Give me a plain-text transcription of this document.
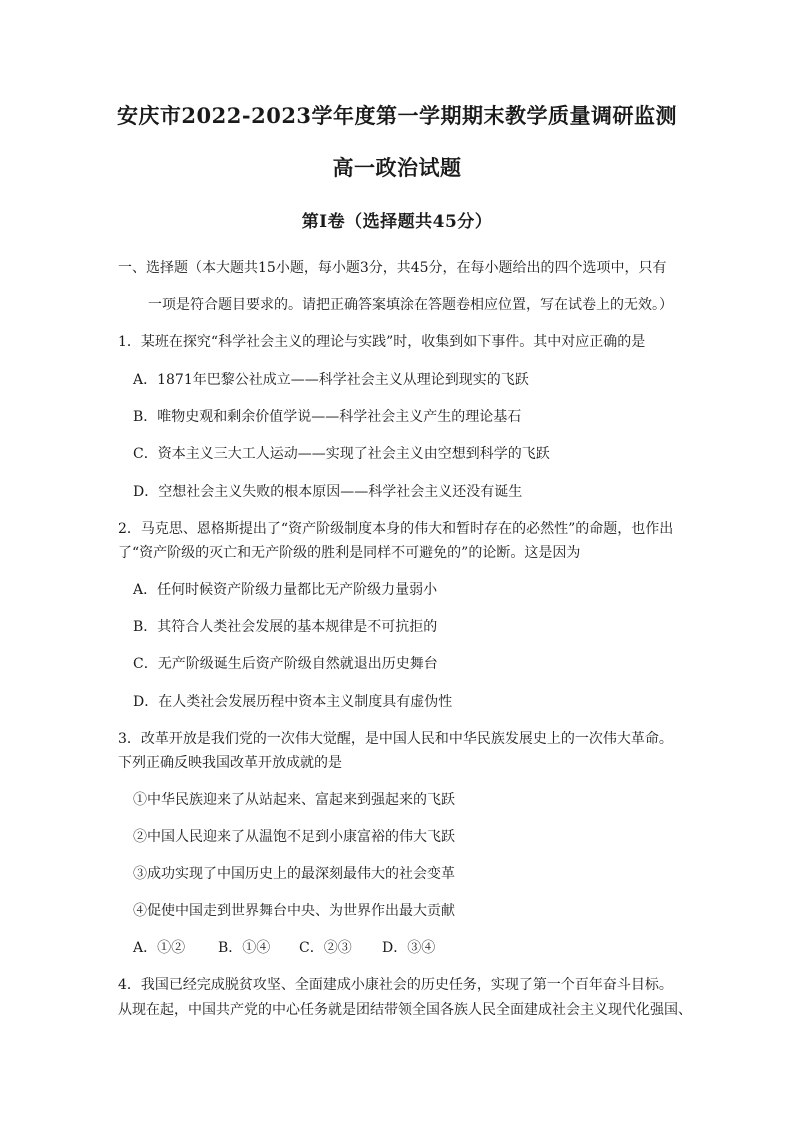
安庆市2022-2023学年度第一学期期末教学质量调研监测
高一政治试题
第Ⅰ卷（选择题共45分）
一、选择题（本大题共15小题，每小题3分，共45分，在每小题给出的四个选项中，只有
一项是符合题目要求的。请把正确答案填涂在答题卷相应位置，写在试卷上的无效。）
1．某班在探究“科学社会主义的理论与实践”时，收集到如下事件。其中对应正确的是
A．1871年巴黎公社成立——科学社会主义从理论到现实的飞跃
B．唯物史观和剩余价值学说——科学社会主义产生的理论基石
C．资本主义三大工人运动——实现了社会主义由空想到科学的飞跃
D．空想社会主义失败的根本原因——科学社会主义还没有诞生
2．马克思、恩格斯提出了“资产阶级制度本身的伟大和暂时存在的必然性”的命题，也作出
了“资产阶级的灭亡和无产阶级的胜利是同样不可避免的”的论断。这是因为
A．任何时候资产阶级力量都比无产阶级力量弱小
B．其符合人类社会发展的基本规律是不可抗拒的
C．无产阶级诞生后资产阶级自然就退出历史舞台
D．在人类社会发展历程中资本主义制度具有虚伪性
3．改革开放是我们党的一次伟大觉醒，是中国人民和中华民族发展史上的一次伟大革命。
下列正确反映我国改革开放成就的是
①中华民族迎来了从站起来、富起来到强起来的飞跃
②中国人民迎来了从温饱不足到小康富裕的伟大飞跃
③成功实现了中国历史上的最深刻最伟大的社会变革
④促使中国走到世界舞台中央、为世界作出最大贡献
A．①② B．①④ C．②③ D．③④
4．我国已经完成脱贫攻坚、全面建成小康社会的历史任务，实现了第一个百年奋斗目标。
从现在起，中国共产党的中心任务就是团结带领全国各族人民全面建成社会主义现代化强国、
